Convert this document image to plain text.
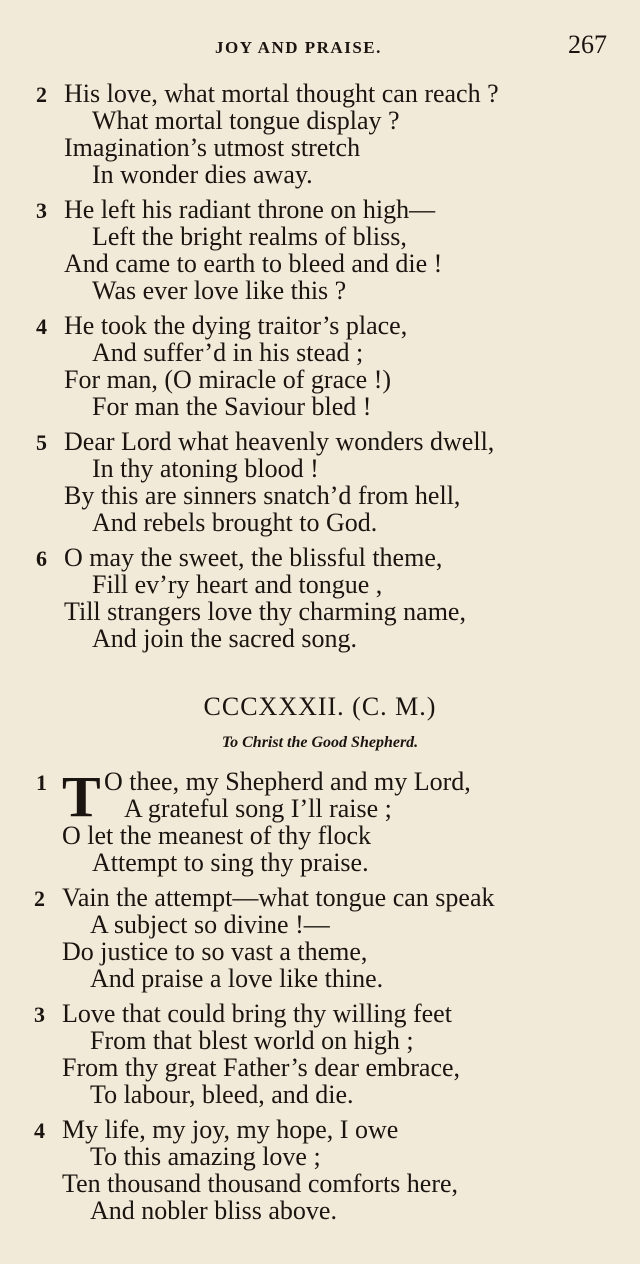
JOY AND PRAISE.	267
2 His love, what mortal thought can reach ?
What mortal tongue display ?
Imagination’s utmost stretch
In wonder dies away.
3 He left his radiant throne on high—
Left the bright realms of bliss,
And came to earth to bleed and die !
Was ever love like this ?
4 He took the dying traitor’s place,
And suffer’d in his stead ;
For man, (O miracle of grace !)
For man the Saviour bled !
5 Dear Lord what heavenly wonders dwell,
In thy atoning blood !
By this are sinners snatch’d from hell,
And rebels brought to God.
6 O may the sweet, the blissful theme,
Fill ev’ry heart and tongue ,
Till strangers love thy charming name,
And join the sacred song.
CCCXXXII. (C. M.)
To Christ the Good Shepherd.
1 T O thee, my Shepherd and my Lord,
A grateful song I’ll raise ;
O let the meanest of thy flock
Attempt to sing thy praise.
2 Vain the attempt—what tongue can speak
A subject so divine !—
Do justice to so vast a theme,
And praise a love like thine.
3 Love that could bring thy willing feet
From that blest world on high ;
From thy great Father’s dear embrace,
To labour, bleed, and die.
4 My life, my joy, my hope, I owe
To this amazing love ;
Ten thousand thousand comforts here,
And nobler bliss above.
